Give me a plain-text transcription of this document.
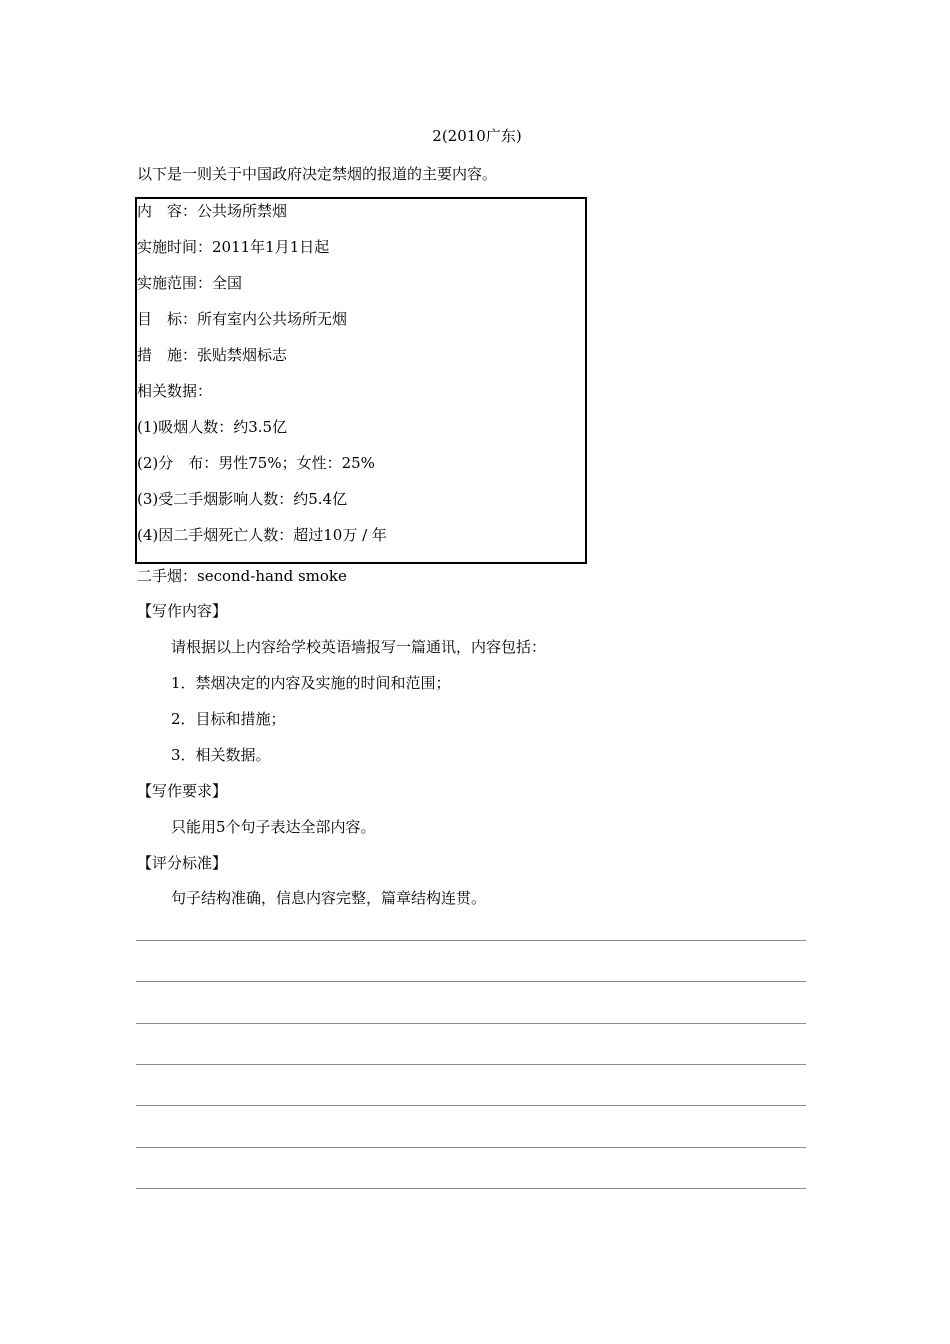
2(2010广东)
以下是一则关于中国政府决定禁烟的报道的主要内容。
内　容：公共场所禁烟
实施时间：2011年1月1日起
实施范围：全国
目　标：所有室内公共场所无烟
措　施：张贴禁烟标志
相关数据：
(1)吸烟人数：约3.5亿
(2)分　布：男性75%；女性：25%
(3)受二手烟影响人数：约5.4亿
(4)因二手烟死亡人数：超过10万 / 年
二手烟：second-hand smoke
【写作内容】
请根据以上内容给学校英语墙报写一篇通讯，内容包括：
1．禁烟决定的内容及实施的时间和范围；
2．目标和措施；
3．相关数据。
【写作要求】
只能用5个句子表达全部内容。
【评分标准】
句子结构准确，信息内容完整，篇章结构连贯。
